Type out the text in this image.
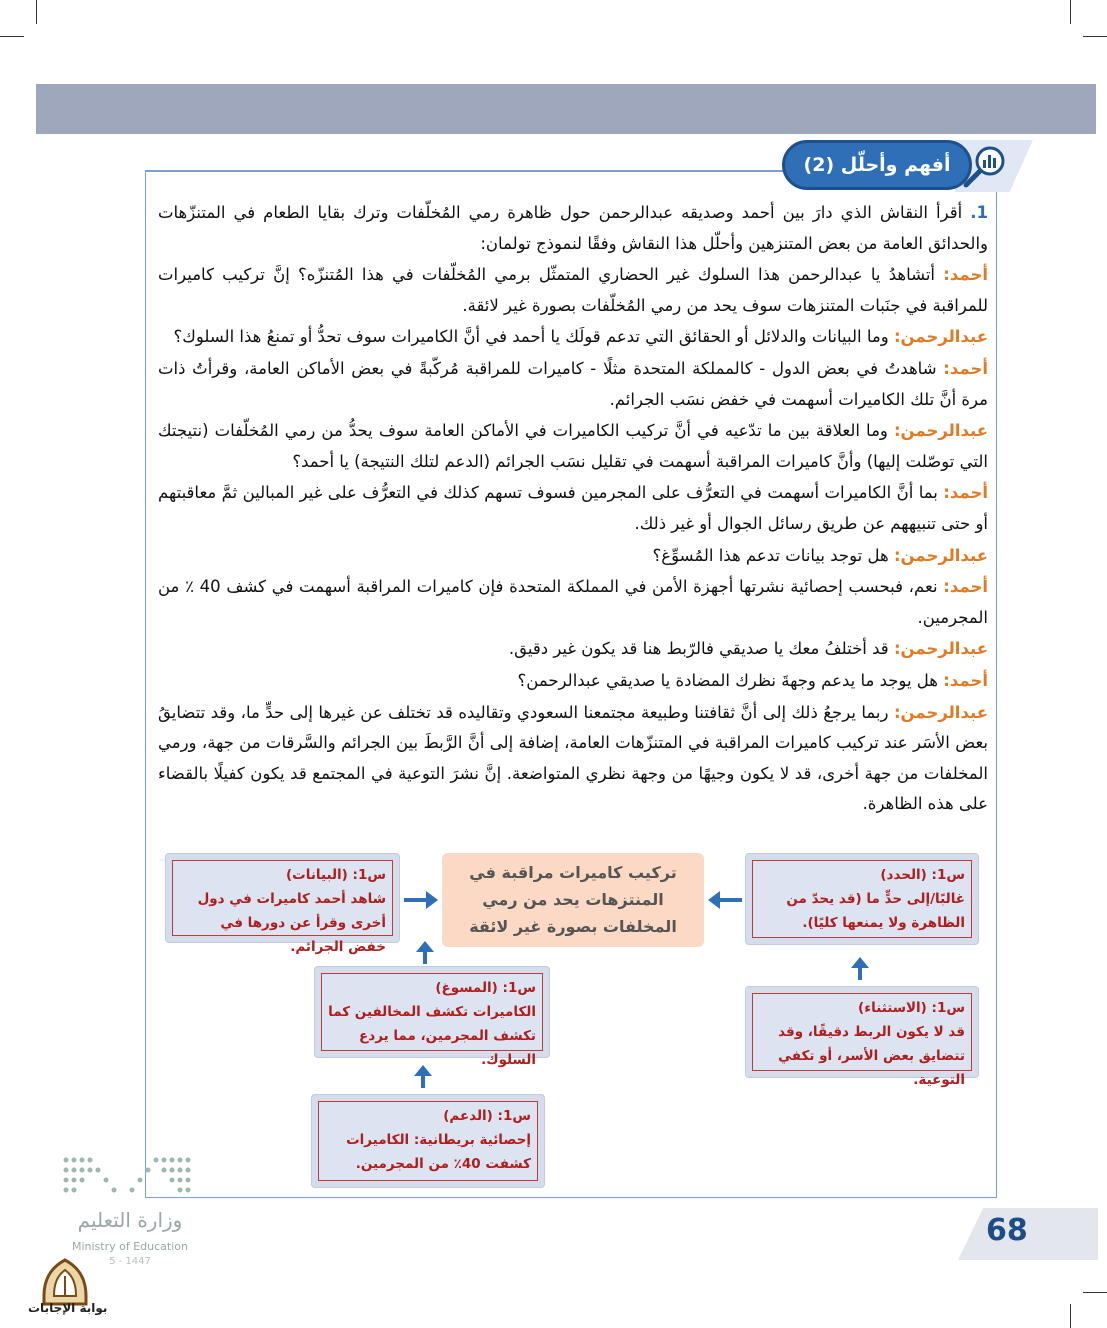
أفهم وأحلّل (2)

1. أقرأ النقاش الذي دارَ بين أحمد وصديقه عبدالرحمن حول ظاهرة رمي المُخلّفات وترك بقايا الطعام في المتنزّهات والحدائق العامة من بعض المتنزهين وأحلّل هذا النقاش وفقًا لنموذج تولمان:

أحمد: أتشاهدُ يا عبدالرحمن هذا السلوك غير الحضاري المتمثّل برمي المُخلّفات في هذا المُتنزّه؟ إنَّ تركيب كاميرات للمراقبة في جنَبات المتنزهات سوف يحد من رمي المُخلّفات بصورة غير لائقة.

عبدالرحمن: وما البيانات والدلائل أو الحقائق التي تدعم قولَك يا أحمد في أنَّ الكاميرات سوف تحدُّ أو تمنعُ هذا السلوك؟

أحمد: شاهدتُ في بعض الدول - كالمملكة المتحدة مثلًا - كاميرات للمراقبة مُركّبةً في بعض الأماكن العامة، وقرأتُ ذات مرة أنَّ تلك الكاميرات أسهمت في خفض نسَب الجرائم.

عبدالرحمن: وما العلاقة بين ما تدّعيه في أنَّ تركيب الكاميرات في الأماكن العامة سوف يحدُّ من رمي المُخلّفات (نتيجتك التي توصّلت إليها) وأنَّ كاميرات المراقبة أسهمت في تقليل نسَب الجرائم (الدعم لتلك النتيجة) يا أحمد؟

أحمد: بما أنَّ الكاميرات أسهمت في التعرُّف على المجرمين فسوف تسهم كذلك في التعرُّف على غير المبالين ثمَّ معاقبتهم أو حتى تنبيههم عن طريق رسائل الجوال أو غير ذلك.

عبدالرحمن: هل توجد بيانات تدعم هذا المُسوِّغ؟

أحمد: نعم، فبحسب إحصائية نشرتها أجهزة الأمن في المملكة المتحدة فإن كاميرات المراقبة أسهمت في كشف 40 ٪ من المجرمين.

عبدالرحمن: قد أختلفُ معك يا صديقي فالرّبط هنا قد يكون غير دقيق.

أحمد: هل يوجد ما يدعم وجهةَ نظرك المضادة يا صديقي عبدالرحمن؟

عبدالرحمن: ربما يرجعُ ذلك إلى أنَّ ثقافتنا وطبيعة مجتمعنا السعودي وتقاليده قد تختلف عن غيرها إلى حدٍّ ما، وقد تتضايقُ بعض الأسَر عند تركيب كاميرات المراقبة في المتنزّهات العامة، إضافة إلى أنَّ الرَّبطَ بين الجرائم والسَّرقات من جهة، ورمي المخلفات من جهة أخرى، قد لا يكون وجيهًا من وجهة نظري المتواضعة. إنَّ نشرَ التوعية في المجتمع قد يكون كفيلًا بالقضاء على هذه الظاهرة.

س1: (البيانات)
شاهد أحمد كاميرات في دول أخرى وقرأ عن دورها في خفض الجرائم.
تركيب كاميرات مراقبة في المنتزهات يحد من رمي المخلفات بصورة غير لائقة
س1: (الحدد)
غالبًا/إلى حدٍّ ما (قد يحدّ من الظاهرة ولا يمنعها كليًا).
س1: (المسوغ)
الكاميرات تكشف المخالفين كما تكشف المجرمين، مما يردع السلوك.
س1: (الاستثناء)
قد لا يكون الربط دقيقًا، وقد تتضايق بعض الأسر، أو تكفي التوعية.
س1: (الدعم)
إحصائية بريطانية: الكاميرات كشفت 40٪ من المجرمين.
وزارة التعليم
Ministry of Education
5 - 1447
68
بوابة الإجابات
